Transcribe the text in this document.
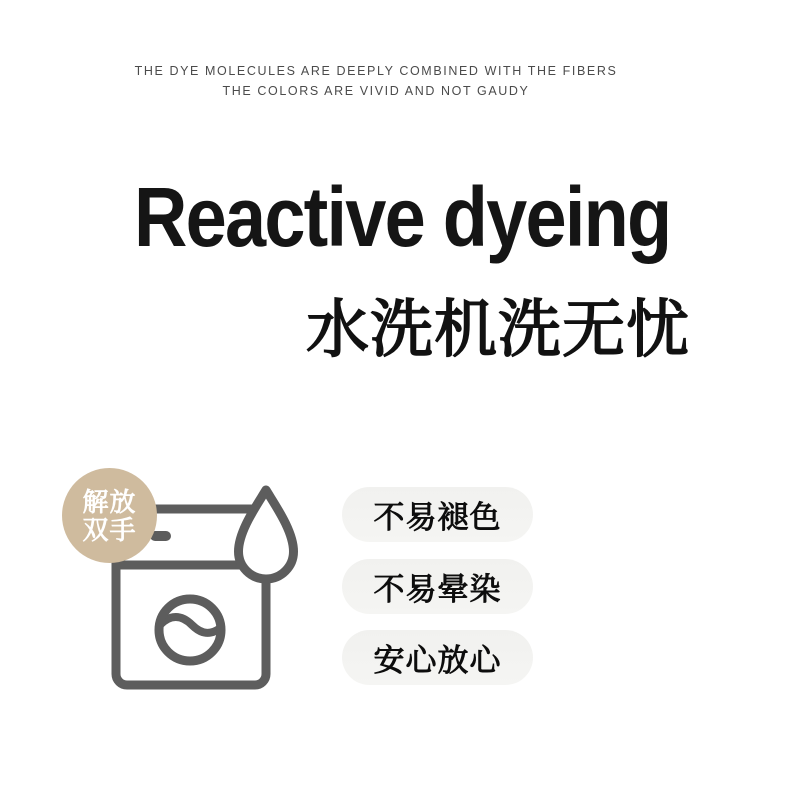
THE DYE MOLECULES ARE DEEPLY COMBINED WITH THE FIBERS
THE COLORS ARE VIVID AND NOT GAUDY
Reactive dyeing
水洗机洗无忧
解放
双手	不易褪色
不易晕染
安心放心
